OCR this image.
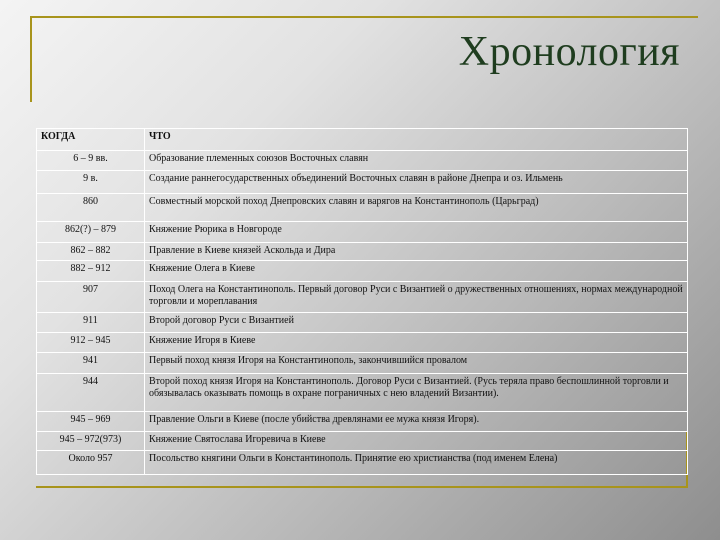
Хронология
КОГДА	ЧТО
6 – 9 вв.	Образование племенных союзов Восточных славян
9 в.	Создание раннегосударственных объединений Восточных славян в районе Днепра и оз. Ильмень
860	Совместный морской поход Днепровских славян и варягов на Константинополь (Царьград)
862(?) – 879	Княжение Рюрика в Новгороде
862 – 882	Правление в Киеве князей Аскольда и Дира
882 – 912	Княжение Олега в Киеве
907	Поход Олега на Константинополь. Первый договор Руси с Византией о дружественных отношениях, нормах международной торговли и мореплавания
911	Второй договор Руси с Византией
912 – 945	Княжение Игоря в Киеве
941	Первый поход князя Игоря на Константинополь, закончившийся провалом
944	Второй поход князя Игоря на Константинополь. Договор Руси с Византией. (Русь теряла право беспошлинной торговли и обязывалась оказывать помощь в охране пограничных с нею владений Византии).
945 – 969	Правление Ольги в Киеве (после убийства древлянами ее мужа князя Игоря).
945 – 972(973)	Княжение Святослава Игоревича в Киеве
Около 957	Посольство княгини Ольги в Константинополь. Принятие ею христианства (под именем Елена)
